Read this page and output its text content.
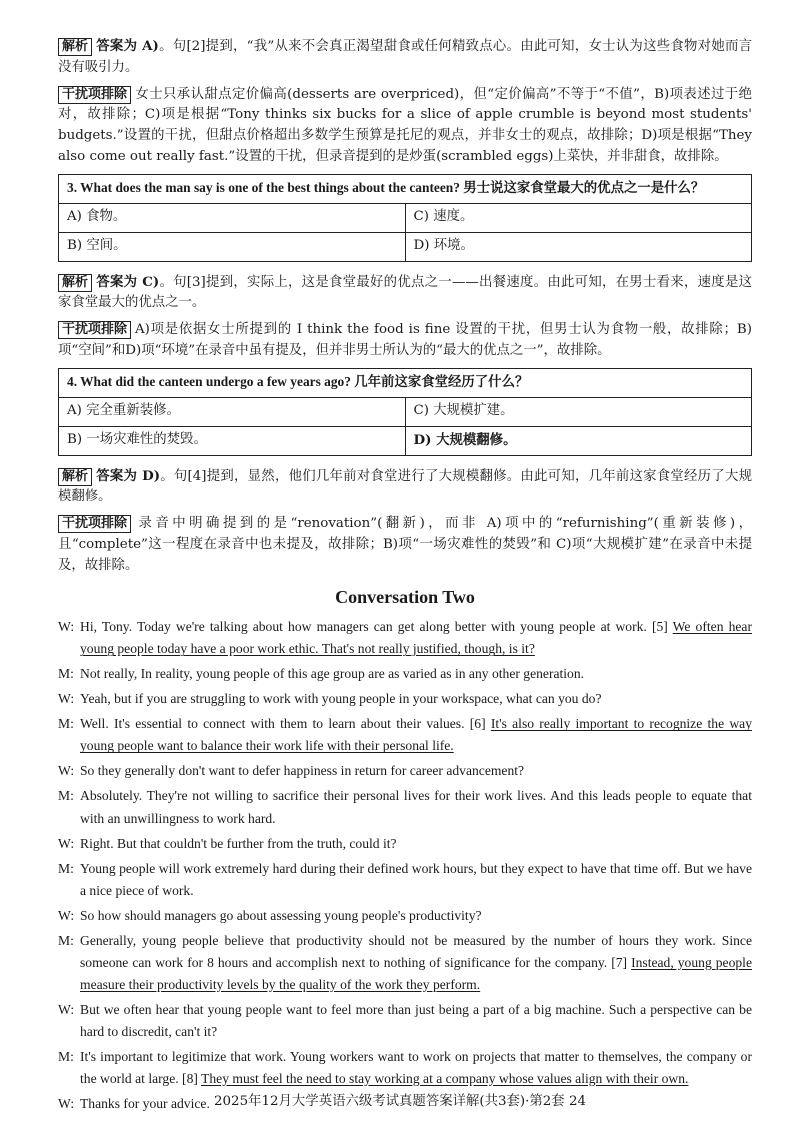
解析 答案为 A)。句[2]提到，“我”从来不会真正渴望甜食或任何精致点心。由此可知，女士认为这些食物对她而言没有吸引力。

干扰项排除 女士只承认甜点定价偏高(desserts are overpriced)，但“定价偏高”不等于“不值”，B)项表述过于绝对，故排除；C)项是根据“Tony thinks six bucks for a slice of apple crumble is beyond most students' budgets.”设置的干扰，但甜点价格超出多数学生预算是托尼的观点，并非女士的观点，故排除；D)项是根据“They also come out really fast.”设置的干扰，但录音提到的是炒蛋(scrambled eggs)上菜快，并非甜食，故排除。

3. What does the man say is one of the best things about the canteen? 男士说这家食堂最大的优点之一是什么？	
A) 食物。	C) 速度。
B) 空间。	D) 环境。

解析 答案为 C)。句[3]提到，实际上，这是食堂最好的优点之一——出餐速度。由此可知，在男士看来，速度是这家食堂最大的优点之一。

干扰项排除 A)项是依据女士所提到的 I think the food is fine 设置的干扰，但男士认为食物一般，故排除；B)项“空间”和D)项“环境”在录音中虽有提及，但并非男士所认为的“最大的优点之一”，故排除。

4. What did the canteen undergo a few years ago? 几年前这家食堂经历了什么？	
A) 完全重新装修。	C) 大规模扩建。
B) 一场灾难性的焚毁。	D) 大规模翻修。

解析 答案为 D)。句[4]提到，显然，他们几年前对食堂进行了大规模翻修。由此可知，几年前这家食堂经历了大规模翻修。

干扰项排除 录音中明确提到的是“renovation”(翻新)，而非 A)项中的“refurnishing”(重新装修)，且“complete”这一程度在录音中也未提及，故排除；B)项“一场灾难性的焚毁”和 C)项“大规模扩建”在录音中未提及，故排除。

Conversation Two
W: Hi, Tony. Today we're talking about how managers can get along better with young people at work. [5] We often hear young people today have a poor work ethic. That's not really justified, though, is it?
M: Not really, In reality, young people of this age group are as varied as in any other generation.
W: Yeah, but if you are struggling to work with young people in your workspace, what can you do?
M: Well. It's essential to connect with them to learn about their values. [6] It's also really important to recognize the way young people want to balance their work life with their personal life.
W: So they generally don't want to defer happiness in return for career advancement?
M: Absolutely. They're not willing to sacrifice their personal lives for their work lives. And this leads people to equate that with an unwillingness to work hard.
W: Right. But that couldn't be further from the truth, could it?
M: Young people will work extremely hard during their defined work hours, but they expect to have that time off. But we have a nice piece of work.
W: So how should managers go about assessing young people's productivity?
M: Generally, young people believe that productivity should not be measured by the number of hours they work. Since someone can work for 8 hours and accomplish next to nothing of significance for the company. [7] Instead, young people measure their productivity levels by the quality of the work they perform.
W: But we often hear that young people want to feel more than just being a part of a big machine. Such a perspective can be hard to discredit, can't it?
M: It's important to legitimize that work. Young workers want to work on projects that matter to themselves, the company or the world at large. [8] They must feel the need to stay working at a company whose values align with their own.
W: Thanks for your advice. 2025年12月大学英语六级考试真题答案详解(共3套)·第2套 24
